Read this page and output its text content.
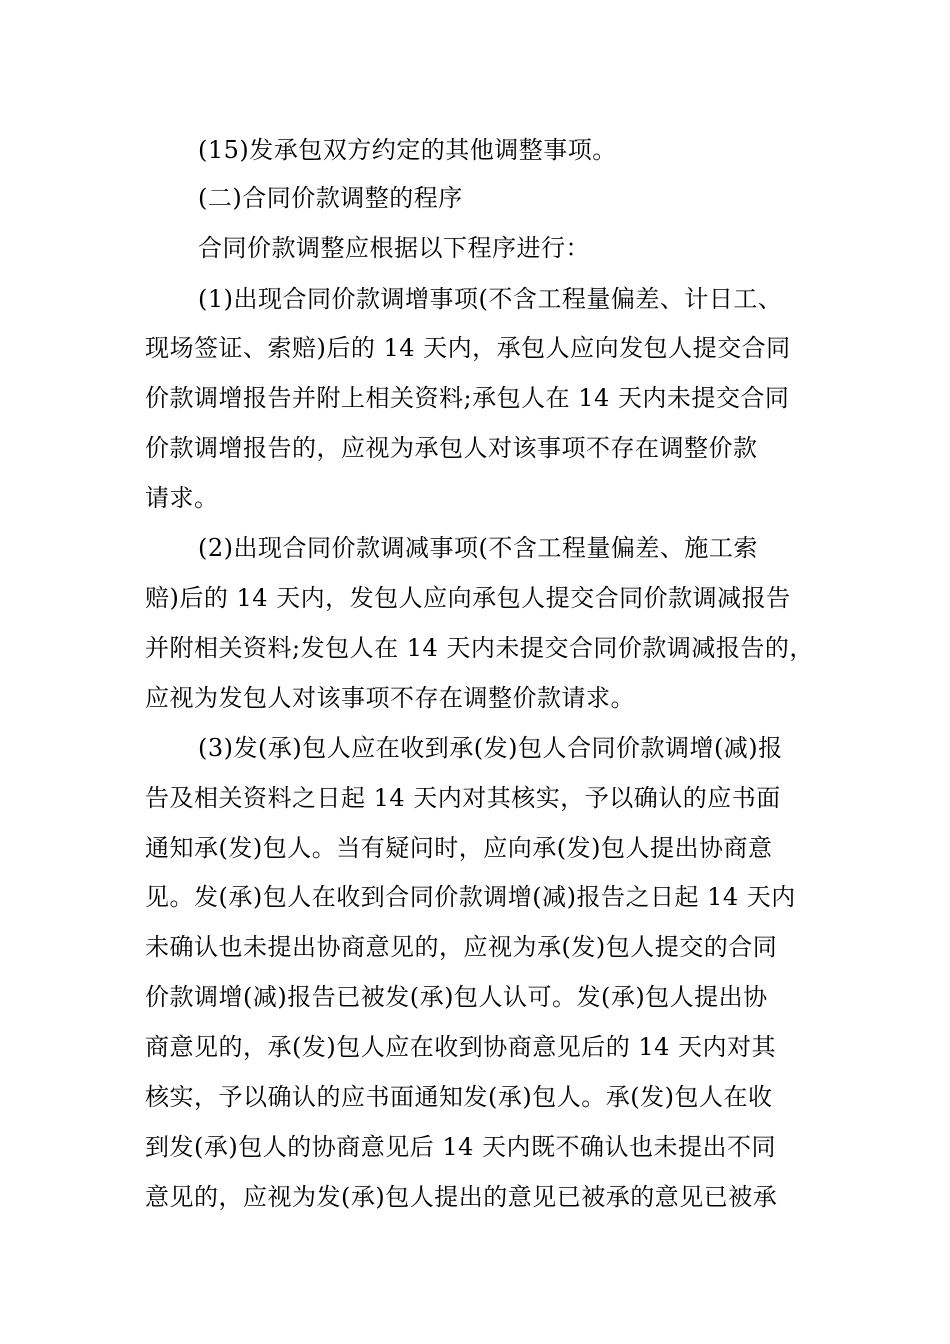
(15)发承包双方约定的其他调整事项。
(二)合同价款调整的程序
合同价款调整应根据以下程序进行：
(1)出现合同价款调增事项(不含工程量偏差、计日工、
现场签证、索赔)后的 14 天内，承包人应向发包人提交合同
价款调增报告并附上相关资料;承包人在 14 天内未提交合同
价款调增报告的，应视为承包人对该事项不存在调整价款
请求。
(2)出现合同价款调减事项(不含工程量偏差、施工索
赔)后的 14 天内，发包人应向承包人提交合同价款调减报告
并附相关资料;发包人在 14 天内未提交合同价款调减报告的，
应视为发包人对该事项不存在调整价款请求。
(3)发(承)包人应在收到承(发)包人合同价款调增(减)报
告及相关资料之日起 14 天内对其核实，予以确认的应书面
通知承(发)包人。当有疑问时，应向承(发)包人提出协商意
见。发(承)包人在收到合同价款调增(减)报告之日起 14 天内
未确认也未提出协商意见的，应视为承(发)包人提交的合同
价款调增(减)报告已被发(承)包人认可。发(承)包人提出协
商意见的，承(发)包人应在收到协商意见后的 14 天内对其
核实，予以确认的应书面通知发(承)包人。承(发)包人在收
到发(承)包人的协商意见后 14 天内既不确认也未提出不同
意见的，应视为发(承)包人提出的意见已被承的意见已被承
